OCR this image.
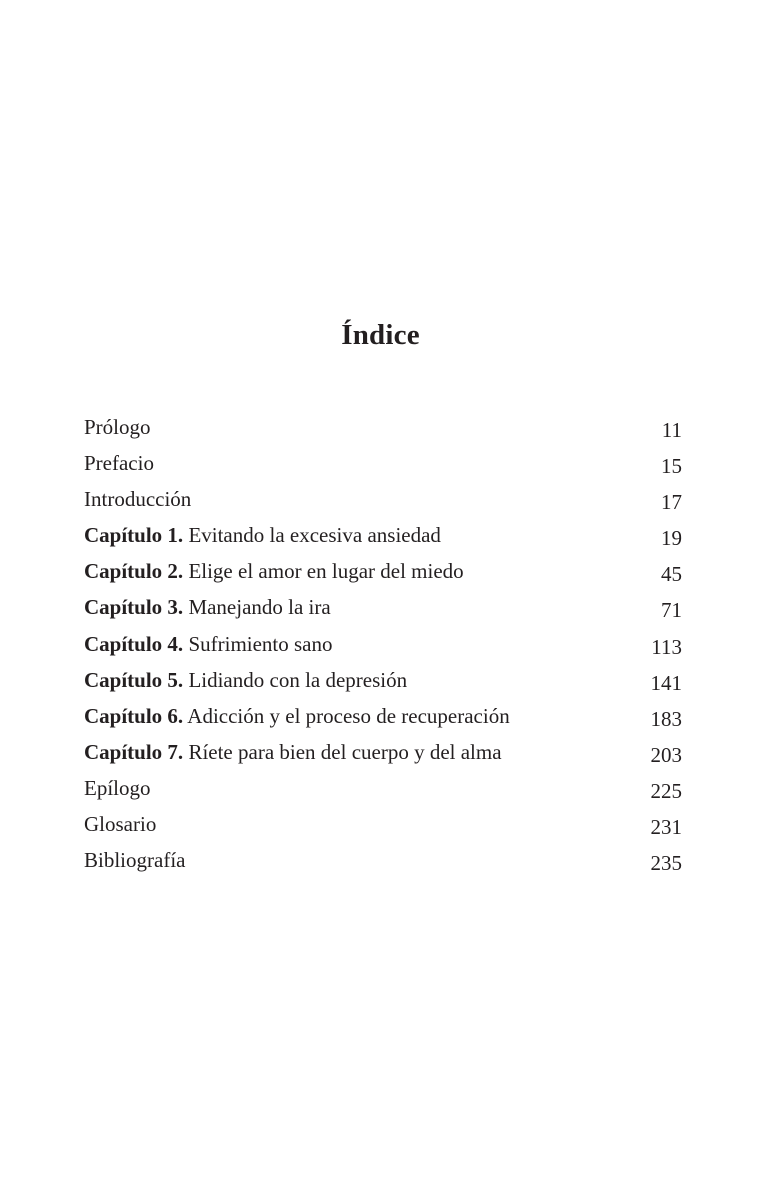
Índice
Prólogo	11
Prefacio	15
Introducción	17
Capítulo 1. Evitando la excesiva ansiedad	19
Capítulo 2. Elige el amor en lugar del miedo	45
Capítulo 3. Manejando la ira	71
Capítulo 4. Sufrimiento sano	113
Capítulo 5. Lidiando con la depresión	141
Capítulo 6. Adicción y el proceso de recuperación	183
Capítulo 7. Ríete para bien del cuerpo y del alma	203
Epílogo	225
Glosario	231
Bibliografía	235
